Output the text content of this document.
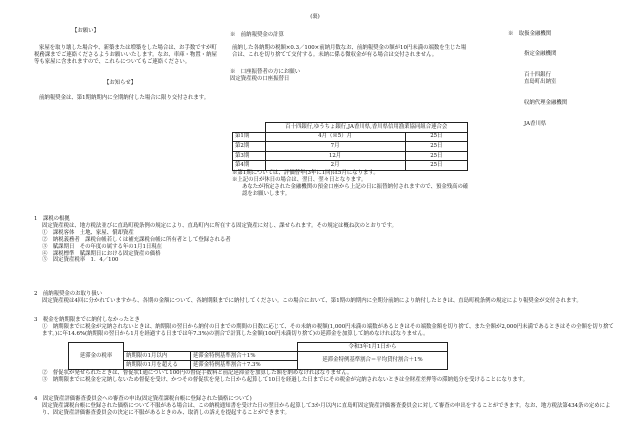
(裏)
【お願い】

家屋を取り壊した場合や、新築または増築をした場合は、お手数ですが町税務課までご連絡くださるようお願いいたします。なお、車庫・物置・納屋等も家屋に含まれますので、これらについてもご連絡ください。

【お知らせ】

前納報奨金は、第1期納期内に全期納付した場合に限り交付されます。

※　前納報奨金の計算

前納した各納期の税額×0.3／100×前納月数なお、前納報奨金の額が10円未満の端数を生じた場合は、これを切り捨てて交付する。未納に係る微収金が有る場合は交付されません。

※　口座振替者の方にお願い
固定資産税の口座振替日
	百十四銀行,ゆうちょ銀行,JA香川県,香川県信用漁業協同組合連合会	
第1期	4月（※5）月	25日
第2期	7月	25日
第3期	12月	25日
第4期	2月	25日
※第1期については、評価替年(3年に1回)は5月になります。
※上記の日が休日の場合は、翌日、翌々日となります。
あなたが指定された金融機関の預金口座から上記の日に振替納付されますので、預金残高の確認をお願いします。
※　取扱金融機関
指定金融機関
百十四銀行
直島町出納室
収納代理金融機関
JA香川県
1　課税の根拠
固定資産税は、地方税法並びに直島町税条例の規定により、直島町内に所在する固定資産に対し、課せられます。その規定は概ね次のとおりです。
①　課税客体　土地、家屋、償却資産
②　納税義務者　課税台帳若しくは補充課税台帳に所有者として登録される者
③　賦課期日　その年度の属する年の1月1日現在
④　課税標準　賦課期日における固定資産の価格
⑤　固定資産税率　1．4／100
2　前納報奨金のお取り扱い
固定資産税は4回に分かれていますから、各期の金額について、各納期限までに納付してください。この場合において、第1期の納期内に全期分前納により納付したときは、直島町税条例の規定により報奨金が交付されます。
3　税金を納期限までに納付しなかったとき
①　納期限までに税金が完納されないときは、納期限の翌日から納付の日までの期間の日数に応じて、その未納の税額(1,000円未満の端数があるときはその端数金額を切り捨て、また全額が2,000円未満であるときはその全額を切り捨てます。)に年14.6%(納期限の翌日から1月を経過する日までは年7.3%)の割合で計算した金額(100円未満切り捨て)の延滞金を加算して納めなければなりません。
延滞金の税率			令和3年1月1日から
	納期限の1月以内	延滞金特例基準割合＋1%	延滞金特例基準割合＝平均貸付割合＋1%
	納期限の1月を超える	延滞金特例基準割合＋7.3%	
②　督促状が発せられたときは、督促状1通について100円の督促手数料と前記延滞金を加算した額を納めなければなりません。
③　納期限までに税金を完納しないため督促を受け、かつその督促状を発した日から起算して10日を経過した日までにその税金が完納されないときは全財産差押等の滞納処分を受けることになります。
4　固定資産評価審査委員会への審査の申出(固定資産課税台帳に登録された価格について)
固定資産課税台帳に登録された価格について不服がある場合は、この納税通知書を受けた日の翌日から起算して3か月以内に直島町固定資産評価審査委員会に対して審査の申出をすることができます。なお、地方税法第434条の定めにより、固定資産評価審査委員会の決定に不服があるときのみ、取消しの訴えを提起することができます。
